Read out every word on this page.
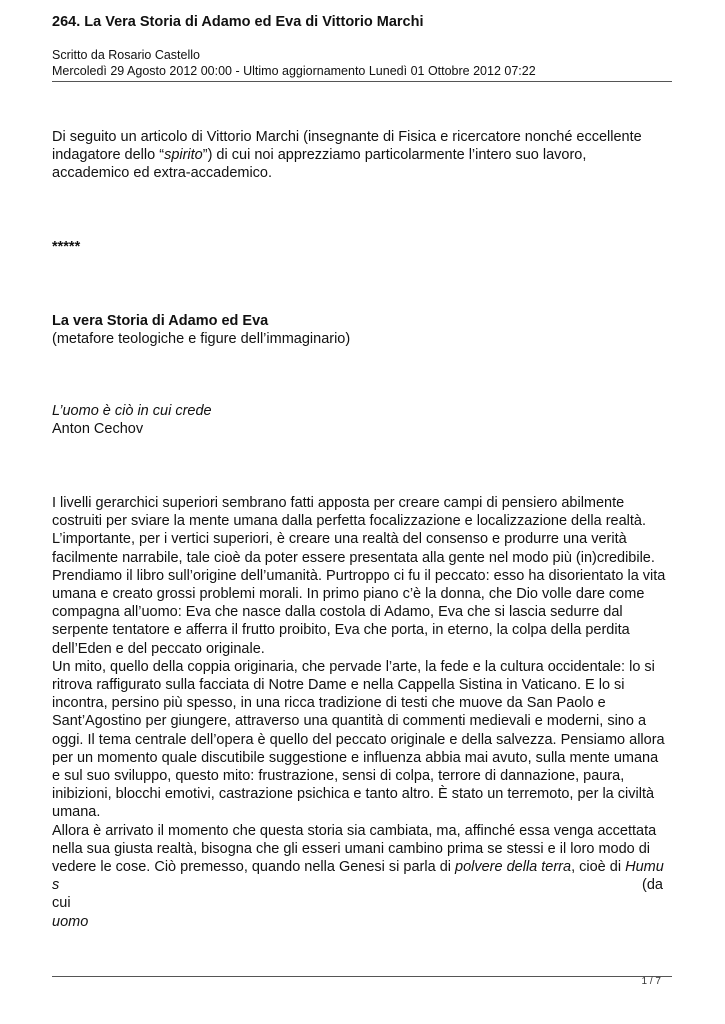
264. La Vera Storia di Adamo ed Eva di Vittorio Marchi
Scritto da Rosario Castello
Mercoledì 29 Agosto 2012 00:00 - Ultimo aggiornamento Lunedì 01 Ottobre 2012 07:22
Di seguito un articolo di Vittorio Marchi (insegnante di Fisica e ricercatore nonché eccellente
indagatore dello “spirito”) di cui noi apprezziamo particolarmente l’intero suo lavoro,
accademico ed extra-accademico.
*****
La vera Storia di Adamo ed Eva
(metafore teologiche e figure dell’immaginario)
L’uomo è ciò in cui crede
Anton Cechov
I livelli gerarchici superiori sembrano fatti apposta per creare campi di pensiero abilmente
costruiti per sviare la mente umana dalla perfetta focalizzazione e localizzazione della realtà.
L’importante, per i vertici superiori, è creare una realtà del consenso e produrre una verità
facilmente narrabile, tale cioè da poter essere presentata alla gente nel modo più (in)credibile.
Prendiamo il libro sull’origine dell’umanità. Purtroppo ci fu il peccato: esso ha disorientato la vita
umana e creato grossi problemi morali. In primo piano c’è la donna, che Dio volle dare come
compagna all’uomo: Eva che nasce dalla costola di Adamo, Eva che si lascia sedurre dal
serpente tentatore e afferra il frutto proibito, Eva che porta, in eterno, la colpa della perdita
dell’Eden e del peccato originale.
Un mito, quello della coppia originaria, che pervade l’arte, la fede e la cultura occidentale: lo si
ritrova raffigurato sulla facciata di Notre Dame e nella Cappella Sistina in Vaticano. E lo si
incontra, persino più spesso, in una ricca tradizione di testi che muove da San Paolo e
Sant’Agostino per giungere, attraverso una quantità di commenti medievali e moderni, sino a
oggi. Il tema centrale dell’opera è quello del peccato originale e della salvezza. Pensiamo allora
per un momento quale discutibile suggestione e influenza abbia mai avuto, sulla mente umana
e sul suo sviluppo, questo mito: frustrazione, sensi di colpa, terrore di dannazione, paura,
inibizioni, blocchi emotivi, castrazione psichica e tanto altro. È stato un terremoto, per la civiltà
umana.
Allora è arrivato il momento che questa storia sia cambiata, ma, affinché essa venga accettata
nella sua giusta realtà, bisogna che gli esseri umani cambino prima se stessi e il loro modo di
vedere le cose. Ciò premesso, quando nella Genesi si parla di polvere della terra, cioè di Humu
s	(da
cui
uomo
1 / 7
